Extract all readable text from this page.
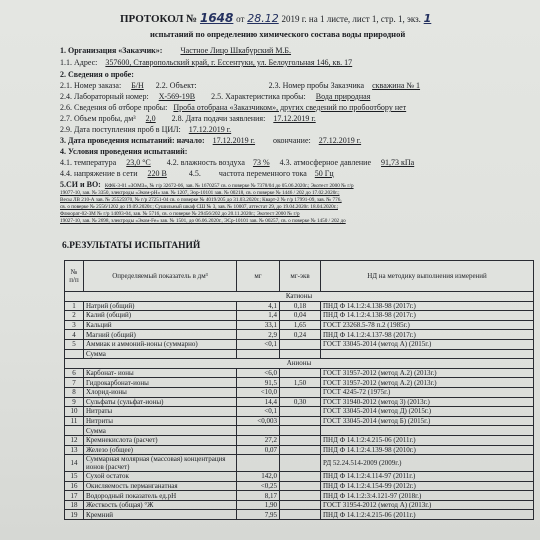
ПРОТОКОЛ № 1648 от 28.12 2019 г. на 1 листе, лист 1, стр. 1, экз. 1
испытаний по определению химического состава воды природной
1. Организация «Заказчик»: Частное Лицо Шкабурский М.Б.
1.1. Адрес: 357600, Ставропольский край, г. Ессентуки, ул. Белоугольная 146, кв. 17
2. Сведения о пробе:
2.1. Номер заказа: Б/Н 2.2. Объект:	2.3. Номер пробы Заказчика скважина № 1
2.4. Лабораторный номер: Х-569-19В 2.5. Характеристика пробы: Вода природная
2.6. Сведения об отборе пробы: Проба отобрана «Заказчиком», других сведений по пробоотбору нет
2.7. Объем пробы, дм³ 2,0 2.8. Дата подачи заявления: 17.12.2019 г.
2.9. Дата поступления проб в ЦИЛ: 17.12.2019 г.
3. Дата проведения испытаний: начало: 17.12.2019 г. окончание: 27.12.2019 г.
4. Условия проведения испытаний:
4.1. температура 23,0 °С 4.2. влажность воздуха 73 % 4.3. атмосферное давление 91,73 кПа
4.4. напряжение в сети 220 В	4.5. частота переменного тока 50 Гц
5.СИ и ВО: КФК-3-01 «ЗОМЗ», № г/р 32672-06, зав. № 1670257 св. о поверке № 7378/04 до 05.06.2020г.; Экотест 2000 № г/р
19077-10, зав. № 3350, электроды «Эком-рН» зав. № 1207, Эор-10101 зав. № 00218, св. о поверке № 1446 / 202 до 17.02.2020г.;
Весы ЛВ 210-А зав. № 25525970, № г/р 27251-04 св. о поверке № 4019/205 до 31.03.2020г.; Кварт-2 № г/р 17991-09, зав. № 776,
св. о поверке № 2556/1202 до 19.09.2020г.; Сушильный шкаф СШ № 3, зав. № 10007, аттестат 29, до 19.04.2020г. 18.04.2020г.;
Флюорат-02-3М № г/р 14093-04, зав. № 5716, св. о поверке № 29456/202 до 20.11.2020г.; Экотест 2000 № г/р
19027-10, зав. № 2698, электроды «Эком-Fe» зав. № 1501, до 06.06.2020г., ЭСр-10101 зав. № 00257, св. о поверке № 1450 / 202 до
6.РЕЗУЛЬТАТЫ ИСПЫТАНИЙ
№ п/п	Определяемый показатель в дм³	мг	мг-экв	НД на методику выполнения измерений
Катионы				
1	Натрий (общий)	4,1	0,18	ПНД Ф 14.1:2:4.138-98 (2017г.)
2	Калий (общий)	1,4	0,04	ПНД Ф 14.1:2:4.138-98 (2017г.)
3	Кальций	33,1	1,65	ГОСТ 23268.5-78 п.2 (1985г.)
4	Магний (общий)	2,9	0,24	ПНД Ф 14.1:2:4.137-98 (2017г.)
5	Аммиак и аммоний-ионы (суммарно)	<0,1		ГОСТ 33045-2014 (метод А) (2015г.)
	Сумма			
Анионы				
6	Карбонат- ионы	<6,0		ГОСТ 31957-2012 (метод А.2) (2013г.)
7	Гидрокарбонат-ионы	91,5	1,50	ГОСТ 31957-2012 (метод А.2) (2013г.)
8	Хлорид-ионы	<10,0		ГОСТ 4245-72 (1975г.)
9	Сульфаты (сульфат-ионы)	14,4	0,30	ГОСТ 31940-2012 (метод 3) (2013г.)
10	Нитраты	<0,1		ГОСТ 33045-2014 (метод Д) (2015г.)
11	Нитриты	<0,003		ГОСТ 33045-2014 (метод Б) (2015г.)
	Сумма			
12	Кремнекислота (расчет)	27,2		ПНД Ф 14.1:2:4.215-06 (2011г.)
13	Железо (общее)	0,07		ПНД Ф 14.1:2:4.139-98 (2010г.)
14	Суммарная молярная (массовая) концентрация ионов (расчет)			РД 52.24.514-2009 (2009г.)
15	Сухой остаток	142,0		ПНД Ф 14.1:2:4.114-97 (2011г.)
16	Окисляемость перманганатная	<0,25		ПНД Ф 14.1:2:4.154-99 (2012г.)
17	Водородный показатель ед.pH	8,17		ПНД Ф 14.1:2:3:4.121-97 (2018г.)
18	Жесткость (общая) °Ж	1,90		ГОСТ 31954-2012 (метод А) (2013г.)
19	Кремний	7,95		ПНД Ф 14.1:2:4.215-06 (2011г.)
